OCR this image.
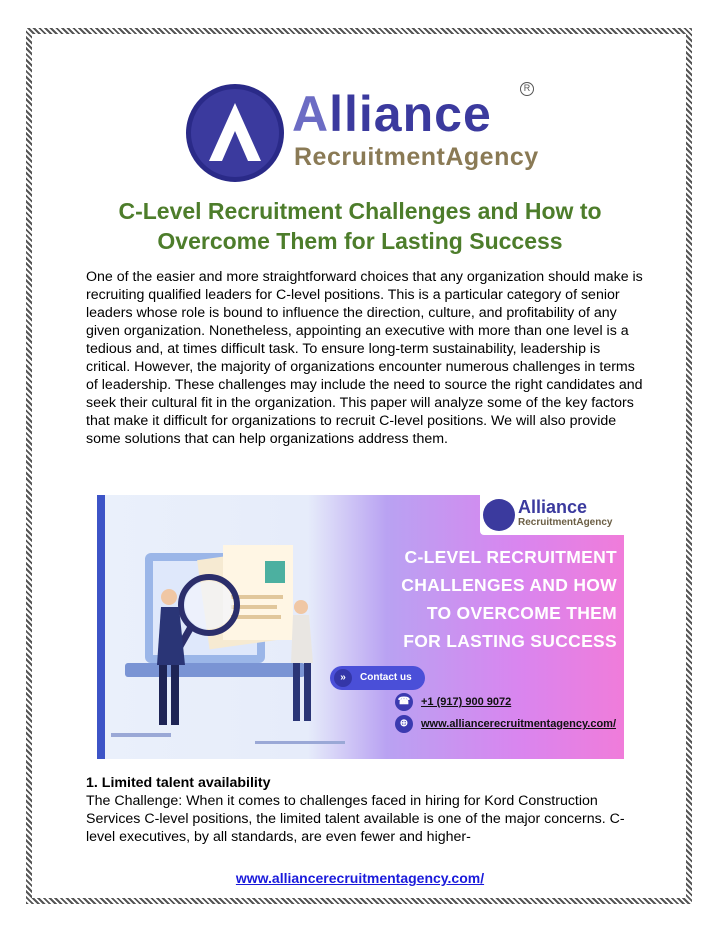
Alliance
RecruitmentAgency
R
C-Level Recruitment Challenges and How to Overcome Them for Lasting Success

One of the easier and more straightforward choices that any organization should make is recruiting qualified leaders for C-level positions. This is a particular category of senior leaders whose role is bound to influence the direction, culture, and profitability of any given organization. Nonetheless, appointing an executive with more than one level is a tedious and, at times difficult task. To ensure long-term sustainability, leadership is critical. However, the majority of organizations encounter numerous challenges in terms of leadership. These challenges may include the need to source the right candidates and seek their cultural fit in the organization. This paper will analyze some of the key factors that make it difficult for organizations to recruit C-level positions. We will also provide some solutions that can help organizations address them.

Alliance
RecruitmentAgency
C-LEVEL RECRUITMENT
CHALLENGES AND HOW
TO OVERCOME THEM
FOR LASTING SUCCESS
»	Contact us
☎ +1 (917) 900 9072
⊕ www.alliancerecruitmentagency.com/
1. Limited talent availability

The Challenge: When it comes to challenges faced in hiring for Kord Construction Services C-level positions, the limited talent available is one of the major concerns. C-level executives, by all standards, are even fewer and higher-

www.alliancerecruitmentagency.com/
